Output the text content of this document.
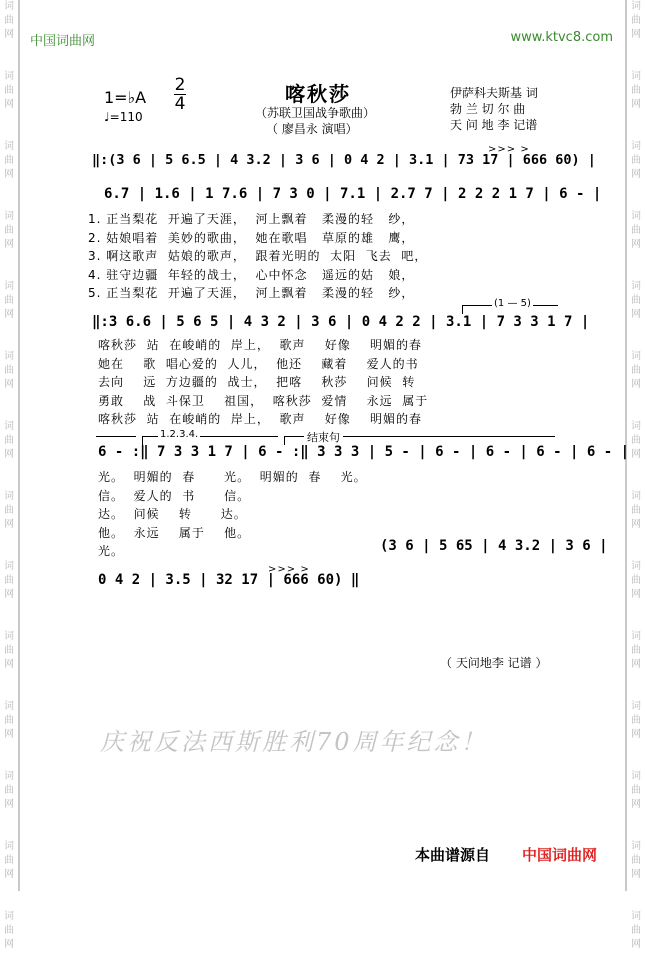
词
曲
网

词
曲
网

词
曲
网

词
曲
网

词
曲
网

词
曲
网

词
曲
网

词
曲
网

词
曲
网

词
曲
网

词
曲
网

词
曲
网

词
曲
网

词
曲
网

词
曲
网

词
曲
网

词
曲
网

词
曲
网

词
曲
网

词
曲
网

词
曲
网

词
曲
网

词
曲
网

词
曲
网

词
曲
网

词
曲
网

词
曲
网

词
曲
网

中国词曲网	www.ktvc8.com
1=♭A
2
4
♩=110
喀秋莎
（苏联卫国战争歌曲）
（ 廖昌永 演唱）
伊萨科夫斯基 词
勃 兰 切 尔 曲
天 问 地 李 记谱
>>> >
‖:(3 6 | 5 6.5 | 4 3.2 | 3 6 | 0 4 2 | 3.1 | 73 17 | 666 60) |
6.7 | 1.6 | 1 7.6 | 7 3 0 | 7.1 | 2.7 7 | 2 2 2 1 7 | 6 - |
1. 正当梨花  开遍了天涯，  河上飘着   柔漫的轻   纱，
2. 姑娘唱着  美妙的歌曲，  她在歌唱   草原的雄   鹰，
3. 啊这歌声  姑娘的歌声，  跟着光明的  太阳  飞去  吧，
4. 驻守边疆  年轻的战士，  心中怀念   遥远的姑   娘，
5. 正当梨花  开遍了天涯，  河上飘着   柔漫的轻   纱，
(1 — 5)
‖:3 6.6 | 5 6 5 | 4 3 2 | 3 6 | 0 4 2 2 | 3.1 | 7 3 3 1 7 |
喀秋莎  站  在峻峭的  岸上，  歌声    好像    明媚的春
她在    歌  唱心爱的  人儿，  他还    藏着    爱人的书
去向    远  方边疆的  战士，  把喀    秋莎    问候  转
勇敢    战  斗保卫    祖国，  喀秋莎  爱情    永远  属于
喀秋莎  站  在峻峭的  岸上，  歌声    好像    明媚的春
1.2.3.4.	结束句
6 - :‖ 7 3 3 1 7 | 6 - :‖ 3 3 3 | 5 - | 6 - | 6 - | 6 - | 6 - |
光。  明媚的  春      光。  明媚的  春    光。
信。  爱人的  书      信。
达。  问候    转      达。
他。  永远    属于    他。
光。	(3 6 | 5 65 | 4 3.2 | 3 6 |
>>> >
0 4 2 | 3.5 | 32 17 | 666 60) ‖
（ 天问地李 记谱 ）
庆祝反法西斯胜利70周年纪念！
本曲谱源自 中国词曲网
